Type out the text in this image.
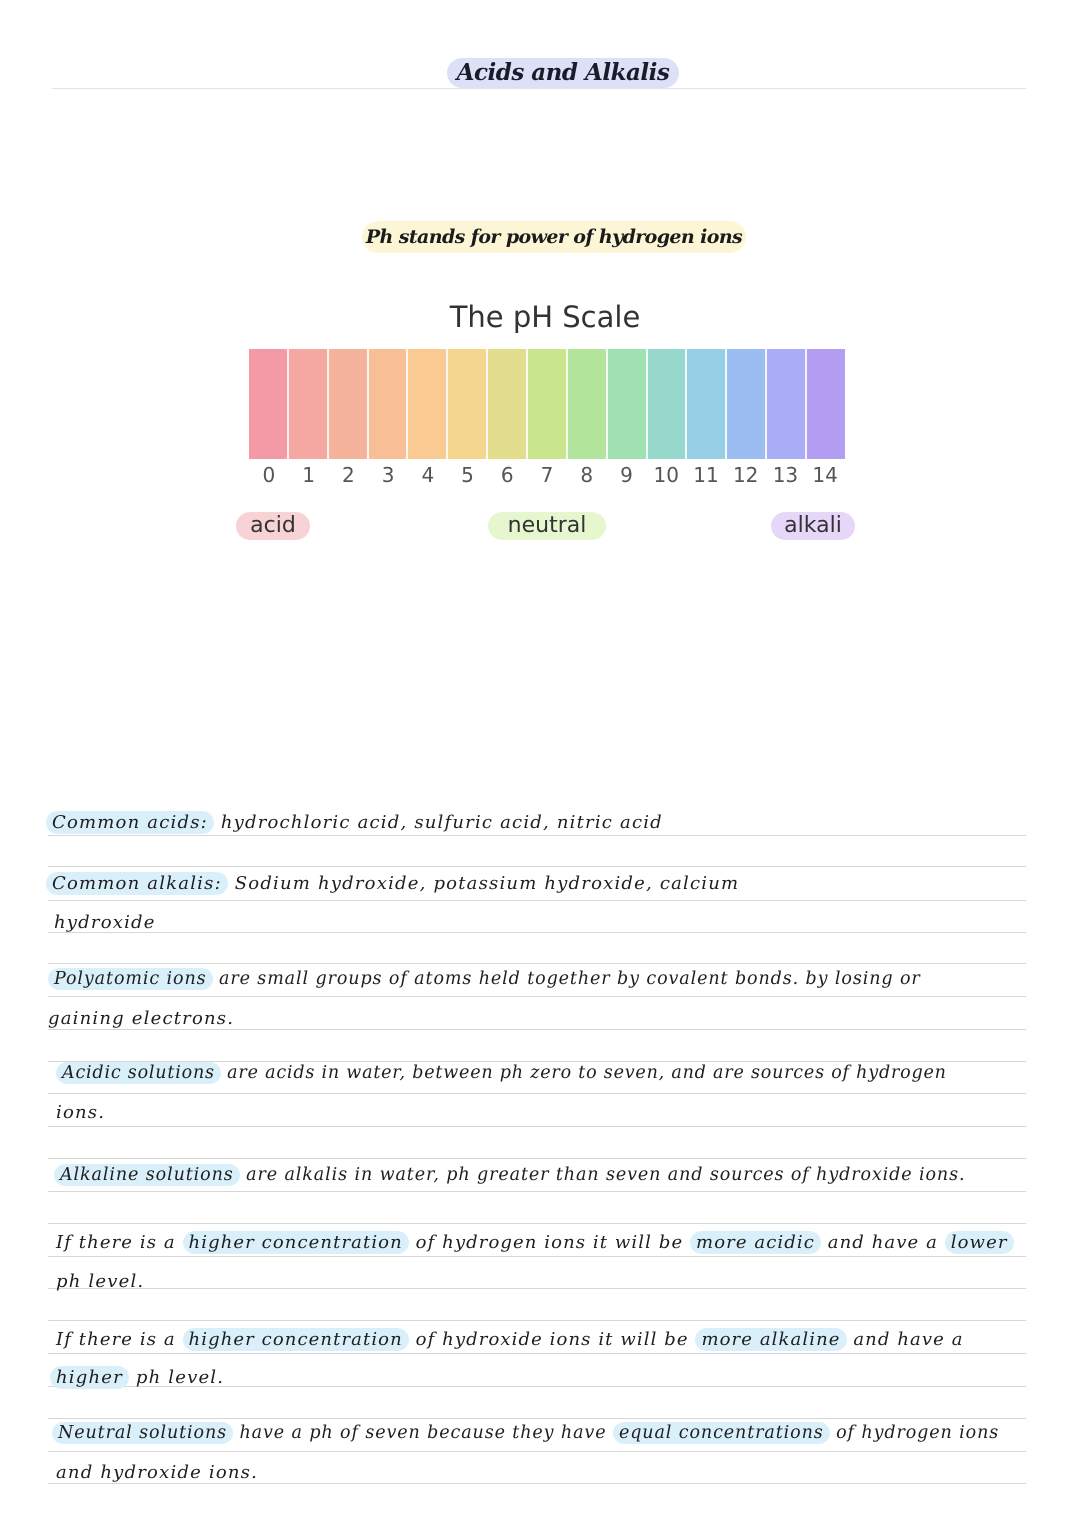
Acids and Alkalis
Ph stands for power of hydrogen ions
The pH Scale
0	1	2	3	4	5	6	7	8	9	10 11 12 13 14
acid	neutral	alkali
Common acids: hydrochloric acid, sulfuric acid, nitric acid
Common alkalis: Sodium hydroxide, potassium hydroxide, calcium
hydroxide
Polyatomic ions are small groups of atoms held together by covalent bonds. by losing or
gaining electrons.
Acidic solutions are acids in water, between ph zero to seven, and are sources of hydrogen
ions.
Alkaline solutions are alkalis in water, ph greater than seven and sources of hydroxide ions.
If there is a higher concentration of hydrogen ions it will be more acidic and have a lower
ph level.
If there is a higher concentration of hydroxide ions it will be more alkaline and have a
higher ph level.
Neutral solutions have a ph of seven because they have equal concentrations of hydrogen ions
and hydroxide ions.
